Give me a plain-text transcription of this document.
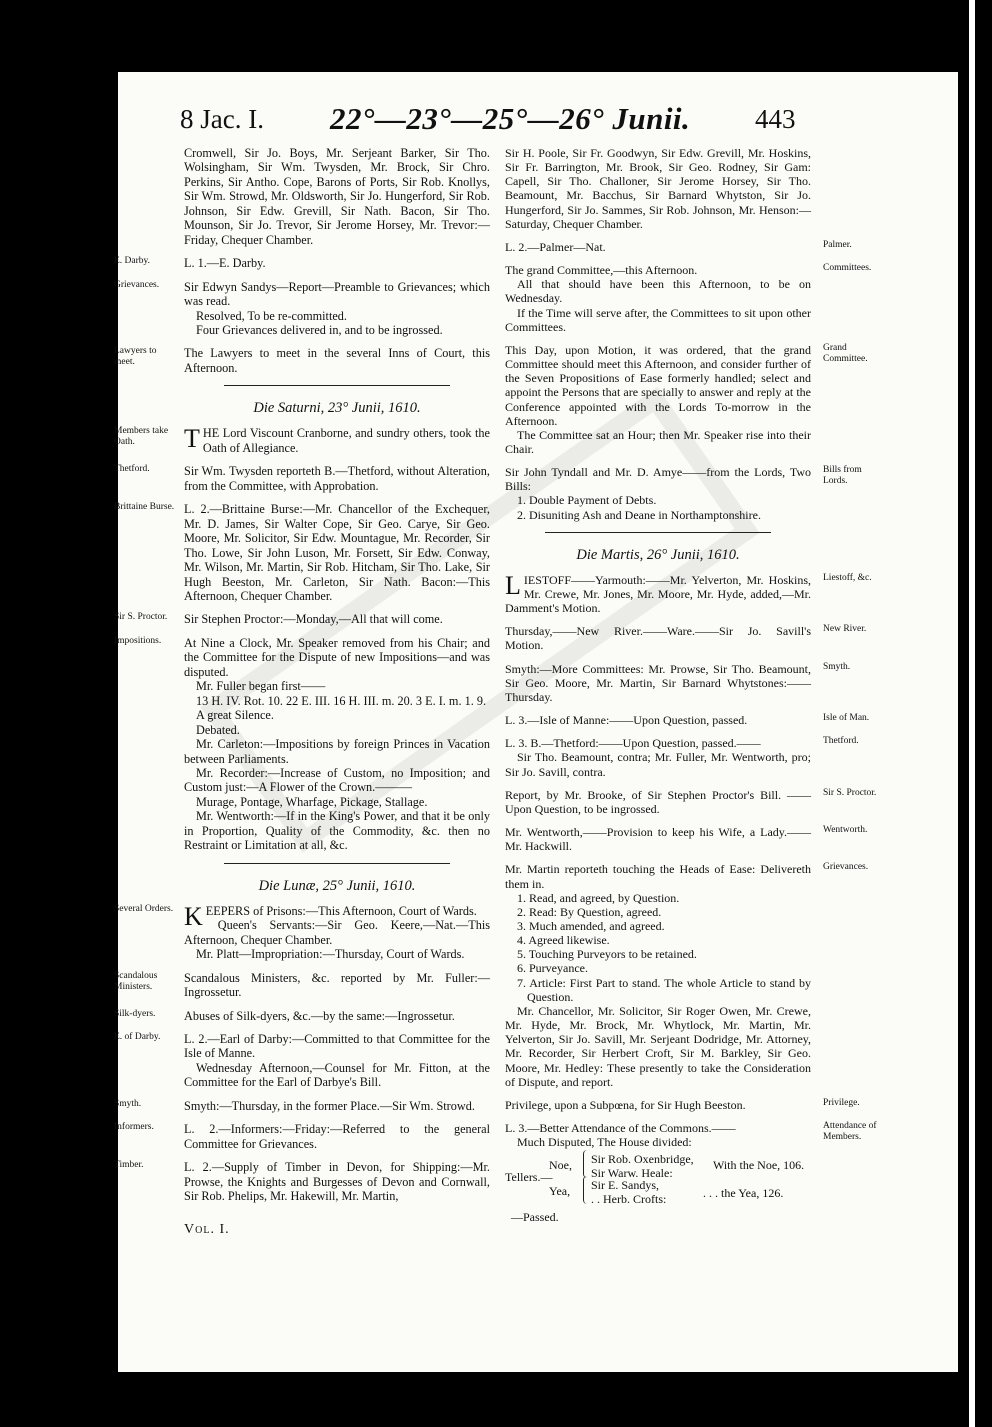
8 Jac. I. 22°—23°—25°—26° Junii. 443

Cromwell, Sir Jo. Boys, Mr. Serjeant Barker, Sir Tho. Wolsingham, Sir Wm. Twysden, Mr. Brock, Sir Chro. Perkins, Sir Antho. Cope, Barons of Ports, Sir Rob. Knollys, Sir Wm. Strowd, Mr. Oldsworth, Sir Jo. Hungerford, Sir Rob. Johnson, Sir Edw. Grevill, Sir Nath. Bacon, Sir Tho. Mounson, Sir Jo. Trevor, Sir Jerome Horsey, Mr. Trevor:—Friday, Chequer Chamber.

E. Darby.	L. 1.—E. Darby.

Grievances.	Sir Edwyn Sandys—Report—Preamble to Grievances; which was read.

Resolved, To be re-committed.

Four Grievances delivered in, and to be ingrossed.

Lawyers to meet.

The Lawyers to meet in the several Inns of Court, this Afternoon.

Die Saturni, 23° Junii, 1610.
Members take Oath.	THE Lord Viscount Cranborne, and sundry others, took the Oath of Allegiance.

Thetford.	Sir Wm. Twysden reporteth B.—Thetford, without Alteration, from the Committee, with Approbation.

Brittaine Burse. L. 2.—Brittaine Burse:—Mr. Chancellor of the Exchequer, Mr. D. James, Sir Walter Cope, Sir Geo. Carye, Sir Geo. Moore, Mr. Solicitor, Sir Edw. Mountague, Mr. Recorder, Sir Tho. Lowe, Sir John Luson, Mr. Forsett, Sir Edw. Conway, Mr. Wilson, Mr. Martin, Sir Rob. Hitcham, Sir Tho. Lake, Sir Hugh Beeston, Mr. Carleton, Sir Nath. Bacon:—This Afternoon, Chequer Chamber.

Sir S. Proctor.	Sir Stephen Proctor:—Monday,—All that will come.

Impositions.	At Nine a Clock, Mr. Speaker removed from his Chair; and the Committee for the Dispute of new Impositions—and was disputed.

Mr. Fuller began first——

13 H. IV. Rot. 10. 22 E. III. 16 H. III. m. 20. 3 E. I. m. 1. 9.

A great Silence.

Debated.

Mr. Carleton:—Impositions by foreign Princes in Vacation between Parliaments.

Mr. Recorder:—Increase of Custom, no Imposition; and Custom just:—A Flower of the Crown.———

Murage, Pontage, Wharfage, Pickage, Stallage.

Mr. Wentworth:—If in the King's Power, and that it be only in Proportion, Quality of the Commodity, &c. then no Restraint or Limitation at all, &c.

Die Lunæ, 25° Junii, 1610.
Several Orders. KEEPERS of Prisons:—This Afternoon, Court of Wards.

Queen's Servants:—Sir Geo. Keere,—Nat.—This Afternoon, Chequer Chamber.

Mr. Platt—Impropriation:—Thursday, Court of Wards.

Scandalous Ministers.

Scandalous Ministers, &c. reported by Mr. Fuller:—Ingrossetur.

Silk-dyers.	Abuses of Silk-dyers, &c.—by the same:—Ingrossetur.

E. of Darby.	L. 2.—Earl of Darby:—Committed to that Committee for the Isle of Manne.

Wednesday Afternoon,—Counsel for Mr. Fitton, at the Committee for the Earl of Darbye's Bill.

Smyth.	Smyth:—Thursday, in the former Place.—Sir Wm. Strowd.

Informers.	L. 2.—Informers:—Friday:—Referred to the general Committee for Grievances.

Timber.	L. 2.—Supply of Timber in Devon, for Shipping:—Mr. Prowse, the Knights and Burgesses of Devon and Cornwall, Sir Rob. Phelips, Mr. Hakewill, Mr. Martin,

Sir H. Poole, Sir Fr. Goodwyn, Sir Edw. Grevill, Mr. Hoskins, Sir Fr. Barrington, Mr. Brook, Sir Geo. Rodney, Sir Gam: Capell, Sir Tho. Challoner, Sir Jerome Horsey, Sir Tho. Beamount, Mr. Bacchus, Sir Barnard Whytston, Sir Jo. Hungerford, Sir Jo. Sammes, Sir Rob. Johnson, Mr. Henson:—Saturday, Chequer Chamber.

Palmer.

L. 2.—Palmer—Nat.

Committees.

The grand Committee,—this Afternoon.

All that should have been this Afternoon, to be on Wednesday.

If the Time will serve after, the Committees to sit upon other Committees.

Grand Committee.

This Day, upon Motion, it was ordered, that the grand Committee should meet this Afternoon, and consider further of the Seven Propositions of Ease formerly handled; select and appoint the Persons that are specially to answer and reply at the Conference appointed with the Lords To-morrow in the Afternoon.

The Committee sat an Hour; then Mr. Speaker rise into their Chair.

Bills from Lords.

Sir John Tyndall and Mr. D. Amye——from the Lords, Two Bills:

1. Double Payment of Debts.

2. Disuniting Ash and Deane in Northamptonshire.

Die Martis, 26° Junii, 1610.
Liestoff, &c.

LIESTOFF——Yarmouth:——Mr. Yelverton, Mr. Hoskins, Mr. Crewe, Mr. Jones, Mr. Moore, Mr. Hyde, added,—Mr. Damment's Motion.

New River.

Thursday,——New River.——Ware.——Sir Jo. Savill's Motion.

Smyth.

Smyth:—More Committees: Mr. Prowse, Sir Tho. Beamount, Sir Geo. Moore, Mr. Martin, Sir Barnard Whytstones:——Thursday.

Isle of Man.

L. 3.—Isle of Manne:——Upon Question, passed.

Thetford.

L. 3. B.—Thetford:——Upon Question, passed.——

Sir Tho. Beamount, contra; Mr. Fuller, Mr. Wentworth, pro; Sir Jo. Savill, contra.

Sir S. Proctor.

Report, by Mr. Brooke, of Sir Stephen Proctor's Bill. ——Upon Question, to be ingrossed.

Wentworth.

Mr. Wentworth,——Provision to keep his Wife, a Lady.——Mr. Hackwill.

Grievances.

Mr. Martin reporteth touching the Heads of Ease: Delivereth them in.

1. Read, and agreed, by Question.

2. Read: By Question, agreed.

3. Much amended, and agreed.

4. Agreed likewise.

5. Touching Purveyors to be retained.

6. Purveyance.

7. Article: First Part to stand. The whole Article to stand by Question.

Mr. Chancellor, Mr. Solicitor, Sir Roger Owen, Mr. Crewe, Mr. Hyde, Mr. Brock, Mr. Whytlock, Mr. Martin, Mr. Yelverton, Sir Jo. Savill, Mr. Serjeant Dodridge, Mr. Attorney, Mr. Recorder, Sir Herbert Croft, Sir M. Barkley, Sir Geo. Moore, Mr. Hedley: These presently to take the Consideration of Dispute, and report.

Privilege.

Privilege, upon a Subpœna, for Sir Hugh Beeston.

Attendance of Members.

L. 3.—Better Attendance of the Commons.——

Much Disputed, The House divided:

Tellers.—
Noe, Sir Rob. Oxenbridge,
Sir Warw. Heale:
With the Noe, 106.
Yea, Sir E. Sandys,
. . Herb. Crofts:	. . . the Yea, 126.

—Passed.

Vol. I.
